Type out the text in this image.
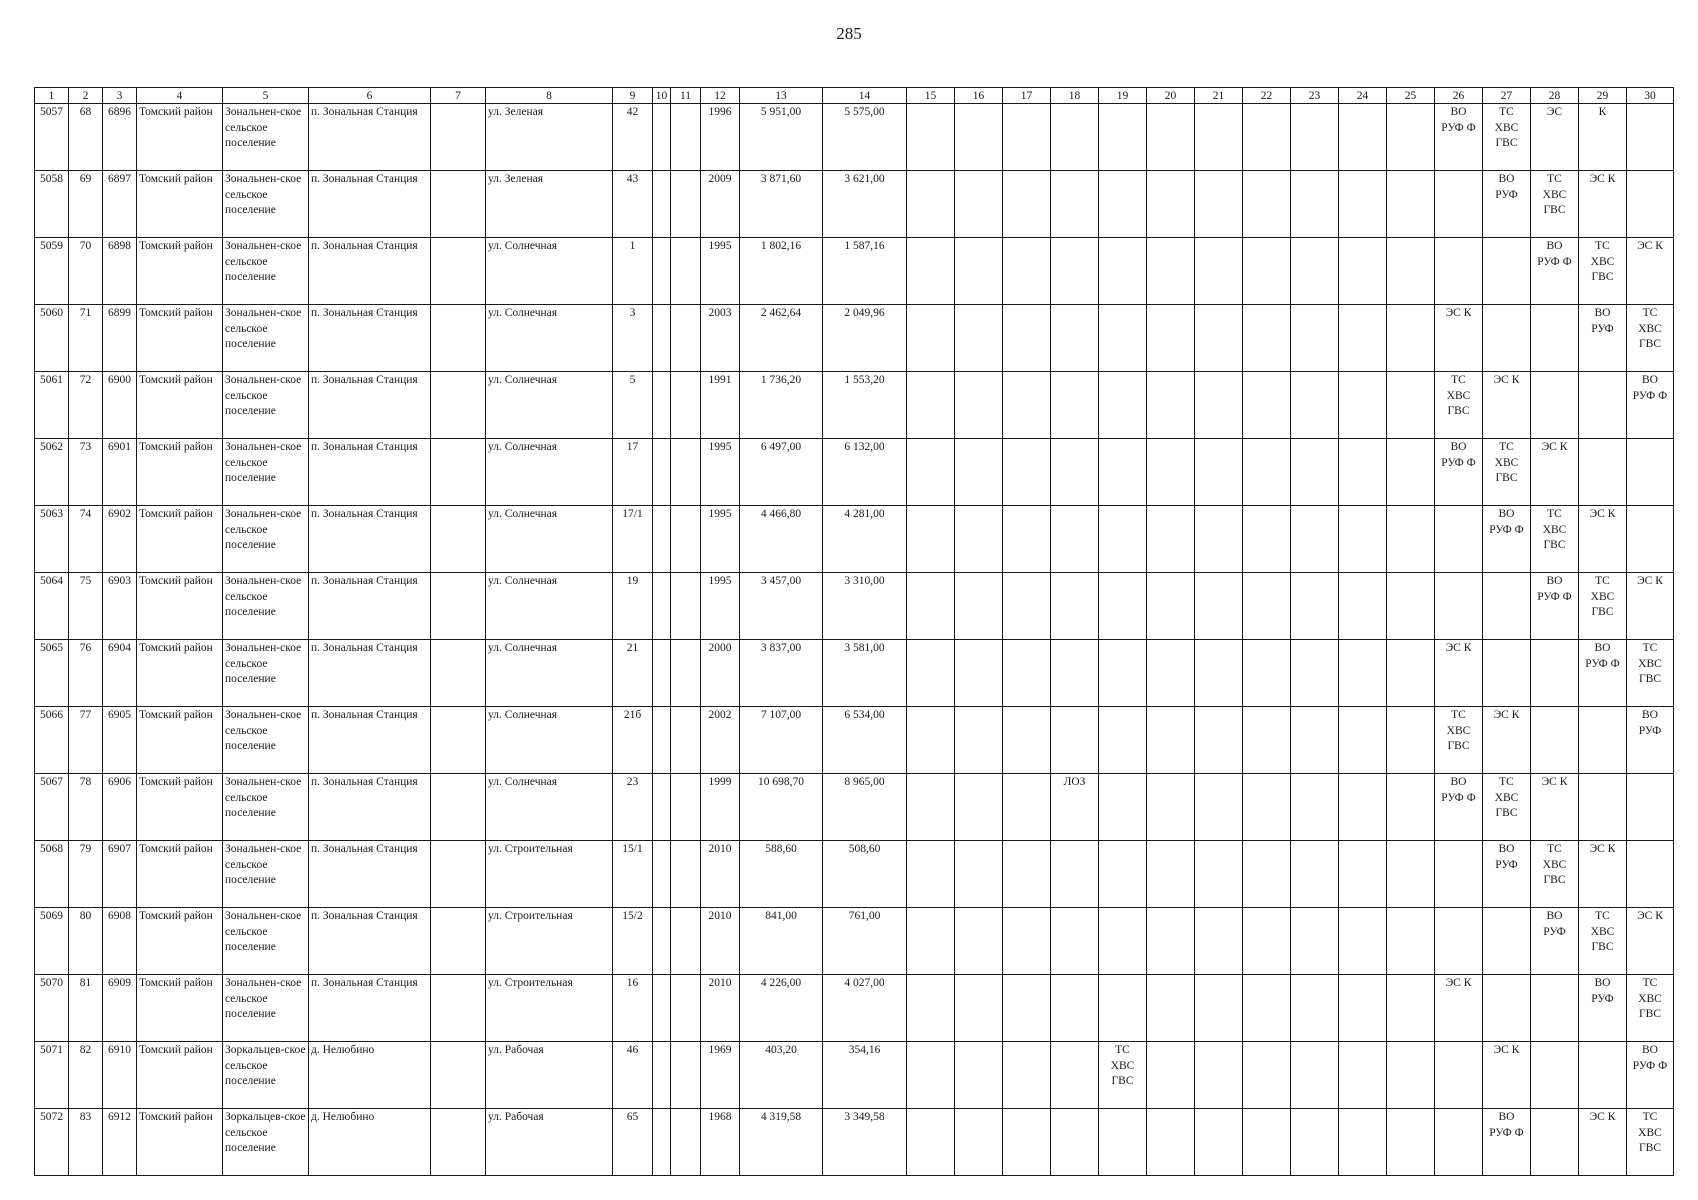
285
1	2	3	4	5	6	7	8	9	10	11	12	13	14	15	16	17	18	19	20	21	22	23	24	25	26	27	28	29	30
5057	68	6896	Томский район	Зональнен-ское сельское поселение	п. Зональная Станция		ул. Зеленая	42			1996	5 951,00	5 575,00												ВО
РУФ Ф	ТС
ХВС
ГВС	ЭС	К	
5058	69	6897	Томский район	Зональнен-ское сельское поселение	п. Зональная Станция		ул. Зеленая	43			2009	3 871,60	3 621,00													ВО
РУФ	ТС
ХВС
ГВС	ЭС К	
5059	70	6898	Томский район	Зональнен-ское сельское поселение	п. Зональная Станция		ул. Солнечная	1			1995	1 802,16	1 587,16														ВО
РУФ Ф	ТС
ХВС
ГВС	ЭС К
5060	71	6899	Томский район	Зональнен-ское сельское поселение	п. Зональная Станция		ул. Солнечная	3			2003	2 462,64	2 049,96												ЭС К			ВО
РУФ	ТС
ХВС
ГВС
5061	72	6900	Томский район	Зональнен-ское сельское поселение	п. Зональная Станция		ул. Солнечная	5			1991	1 736,20	1 553,20												ТС
ХВС
ГВС	ЭС К			ВО
РУФ Ф
5062	73	6901	Томский район	Зональнен-ское сельское поселение	п. Зональная Станция		ул. Солнечная	17			1995	6 497,00	6 132,00												ВО
РУФ Ф	ТС
ХВС
ГВС	ЭС К		
5063	74	6902	Томский район	Зональнен-ское сельское поселение	п. Зональная Станция		ул. Солнечная	17/1			1995	4 466,80	4 281,00													ВО
РУФ Ф	ТС
ХВС
ГВС	ЭС К	
5064	75	6903	Томский район	Зональнен-ское сельское поселение	п. Зональная Станция		ул. Солнечная	19			1995	3 457,00	3 310,00														ВО
РУФ Ф	ТС
ХВС
ГВС	ЭС К
5065	76	6904	Томский район	Зональнен-ское сельское поселение	п. Зональная Станция		ул. Солнечная	21			2000	3 837,00	3 581,00												ЭС К			ВО
РУФ Ф	ТС
ХВС
ГВС
5066	77	6905	Томский район	Зональнен-ское сельское поселение	п. Зональная Станция		ул. Солнечная	21б			2002	7 107,00	6 534,00												ТС
ХВС
ГВС	ЭС К			ВО
РУФ
5067	78	6906	Томский район	Зональнен-ское сельское поселение	п. Зональная Станция		ул. Солнечная	23			1999	10 698,70	8 965,00				ЛОЗ								ВО
РУФ Ф	ТС
ХВС
ГВС	ЭС К		
5068	79	6907	Томский район	Зональнен-ское сельское поселение	п. Зональная Станция		ул. Строительная	15/1			2010	588,60	508,60													ВО
РУФ	ТС
ХВС
ГВС	ЭС К	
5069	80	6908	Томский район	Зональнен-ское сельское поселение	п. Зональная Станция		ул. Строительная	15/2			2010	841,00	761,00														ВО
РУФ	ТС
ХВС
ГВС	ЭС К
5070	81	6909	Томский район	Зональнен-ское сельское поселение	п. Зональная Станция		ул. Строительная	16			2010	4 226,00	4 027,00												ЭС К			ВО
РУФ	ТС
ХВС
ГВС
5071	82	6910	Томский район	Зоркальцев-ское сельское поселение	д. Нелюбино		ул. Рабочая	46			1969	403,20	354,16					ТС
ХВС
ГВС								ЭС К			ВО
РУФ Ф
5072	83	6912	Томский район	Зоркальцев-ское сельское поселение	д. Нелюбино		ул. Рабочая	65			1968	4 319,58	3 349,58													ВО
РУФ Ф		ЭС К	ТС
ХВС
ГВС
